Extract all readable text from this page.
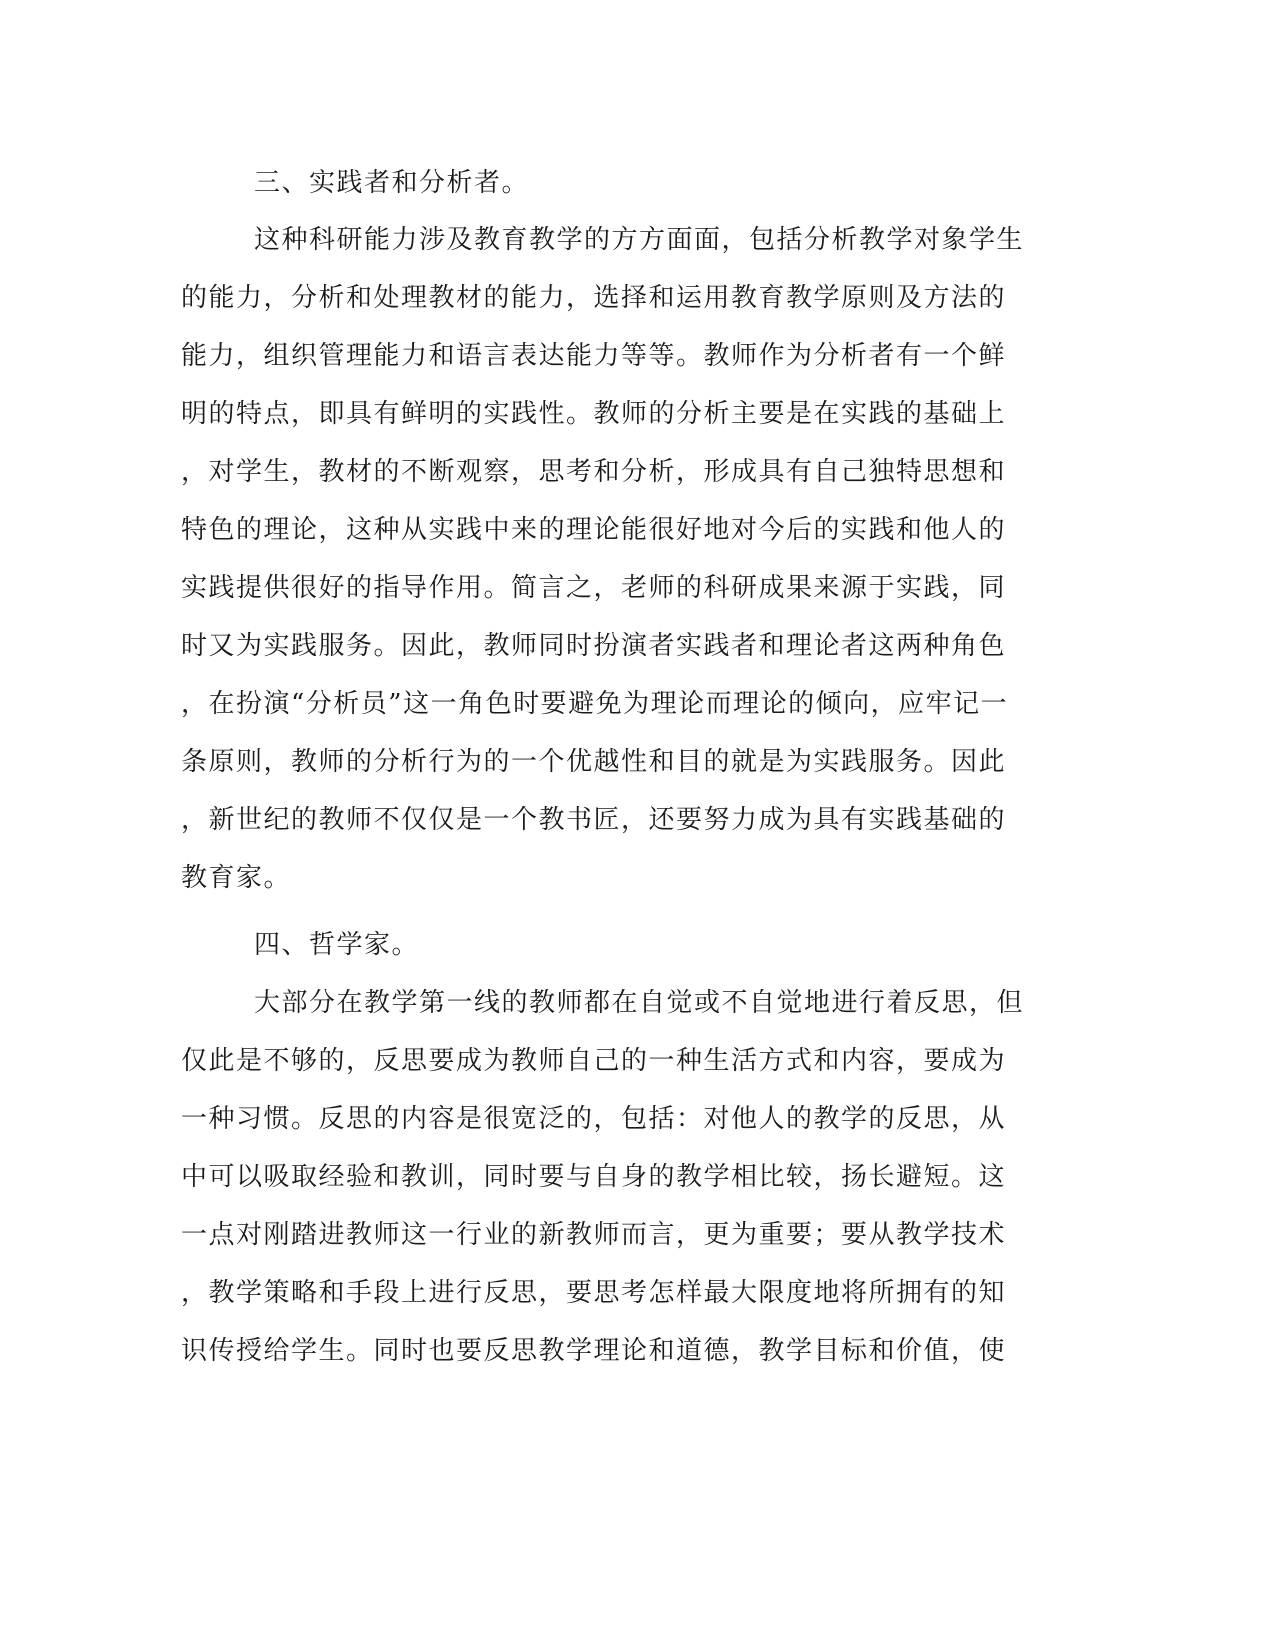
三、实践者和分析者。

这种科研能力涉及教育教学的方方面面，包括分析教学对象学生

的能力，分析和处理教材的能力，选择和运用教育教学原则及方法的

能力，组织管理能力和语言表达能力等等。教师作为分析者有一个鲜

明的特点，即具有鲜明的实践性。教师的分析主要是在实践的基础上

，对学生，教材的不断观察，思考和分析，形成具有自己独特思想和

特色的理论，这种从实践中来的理论能很好地对今后的实践和他人的

实践提供很好的指导作用。简言之，老师的科研成果来源于实践，同

时又为实践服务。因此，教师同时扮演者实践者和理论者这两种角色

，在扮演“分析员”这一角色时要避免为理论而理论的倾向，应牢记一

条原则，教师的分析行为的一个优越性和目的就是为实践服务。因此

，新世纪的教师不仅仅是一个教书匠，还要努力成为具有实践基础的

教育家。

四、哲学家。

大部分在教学第一线的教师都在自觉或不自觉地进行着反思，但

仅此是不够的，反思要成为教师自己的一种生活方式和内容，要成为

一种习惯。反思的内容是很宽泛的，包括：对他人的教学的反思，从

中可以吸取经验和教训，同时要与自身的教学相比较，扬长避短。这

一点对刚踏进教师这一行业的新教师而言，更为重要；要从教学技术

，教学策略和手段上进行反思，要思考怎样最大限度地将所拥有的知

识传授给学生。同时也要反思教学理论和道德，教学目标和价值，使
